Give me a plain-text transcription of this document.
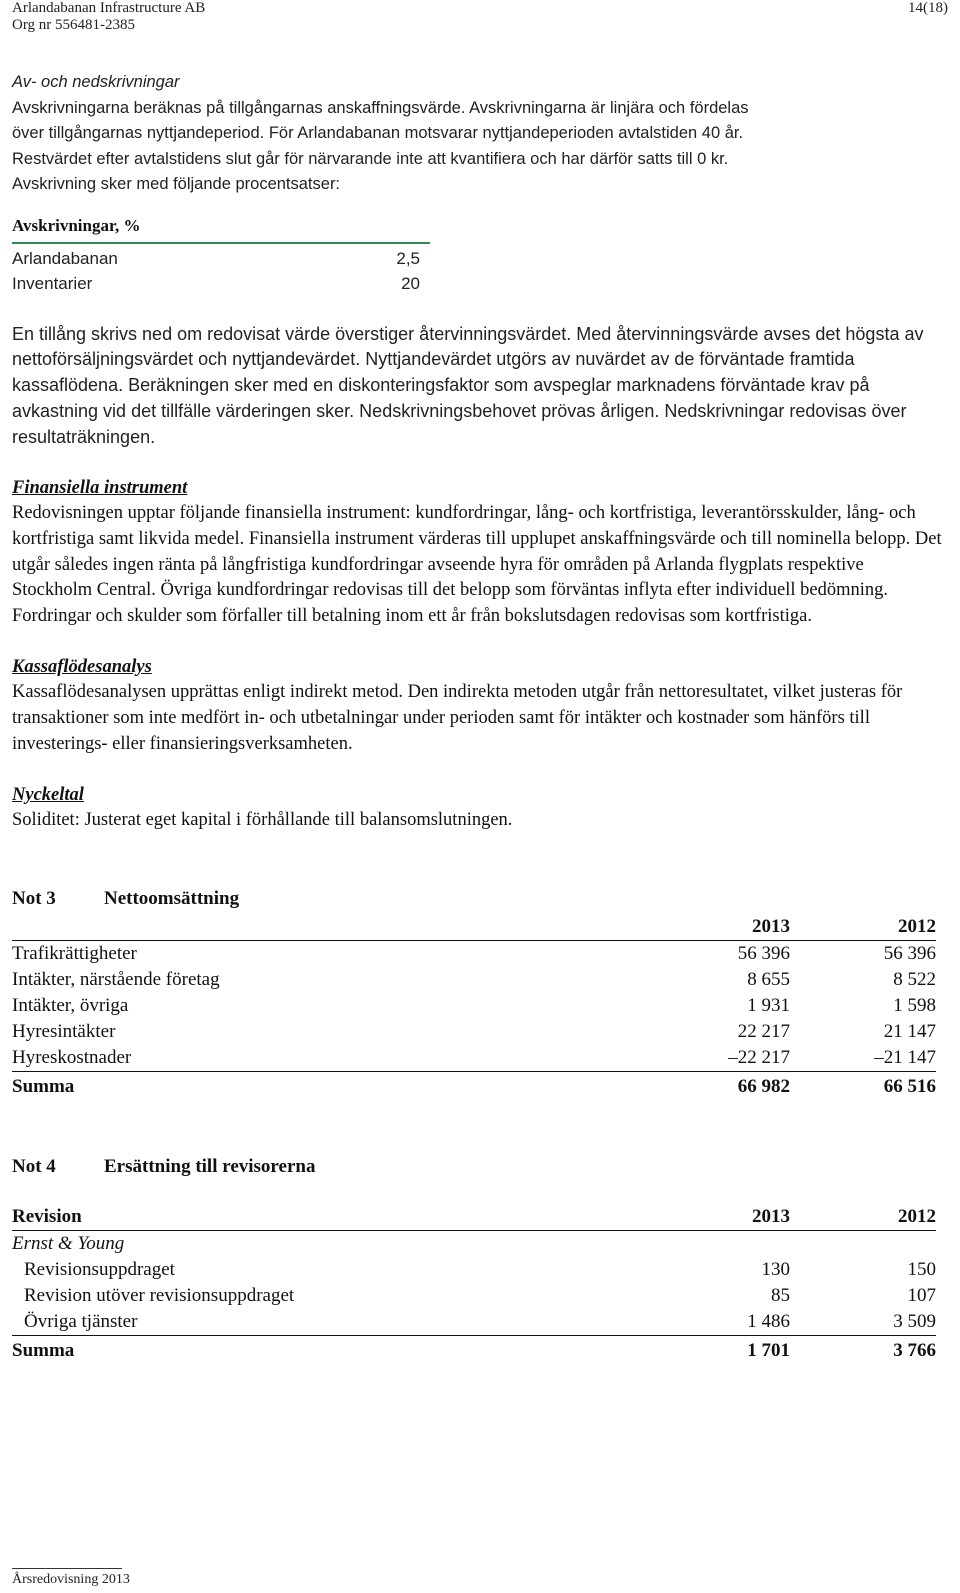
Arlandabanan Infrastructure AB
Org nr 556481-2385
14(18)
Av- och nedskrivningar
Avskrivningarna beräknas på tillgångarnas anskaffningsvärde. Avskrivningarna är linjära och fördelas
över tillgångarnas nyttjandeperiod. För Arlandabanan motsvarar nyttjandeperioden avtalstiden 40 år.
Restvärdet efter avtalstidens slut går för närvarande inte att kvantifiera och har därför satts till 0 kr.
Avskrivning sker med följande procentsatser:
Avskrivningar, %
Arlandabanan	2,5
Inventarier	20

En tillång skrivs ned om redovisat värde överstiger återvinningsvärdet. Med återvinningsvärde avses det högsta av nettoförsäljningsvärdet och nyttjandevärdet. Nyttjandevärdet utgörs av nuvärdet av de förväntade framtida kassaflödena. Beräkningen sker med en diskonteringsfaktor som avspeglar marknadens förväntade krav på avkastning vid det tillfälle värderingen sker. Nedskrivningsbehovet prövas årligen. Nedskrivningar redovisas över resultaträkningen.

Finansiella instrument

Redovisningen upptar följande finansiella instrument: kundfordringar, lång- och kortfristiga, leverantörsskulder, lång- och kortfristiga samt likvida medel. Finansiella instrument värderas till upplupet anskaffningsvärde och till nominella belopp. Det utgår således ingen ränta på långfristiga kundfordringar avseende hyra för områden på Arlanda flygplats respektive Stockholm Central. Övriga kundfordringar redovisas till det belopp som förväntas inflyta efter individuell bedömning. Fordringar och skulder som förfaller till betalning inom ett år från bokslutsdagen redovisas som kortfristiga.

Kassaflödesanalys

Kassaflödesanalysen upprättas enligt indirekt metod. Den indirekta metoden utgår från nettoresultatet, vilket justeras för transaktioner som inte medfört in- och utbetalningar under perioden samt för intäkter och kostnader som hänförs till investerings- eller finansieringsverksamheten.

Nyckeltal

Soliditet: Justerat eget kapital i förhållande till balansomslutningen.

Not 3	Nettoomsättning
	2013	2012
Trafikrättigheter	56 396	56 396
Intäkter, närstående företag	8 655	8 522
Intäkter, övriga	1 931	1 598
Hyresintäkter	22 217	21 147
Hyreskostnader	–22 217	–21 147
Summa	66 982	66 516
Not 4	Ersättning till revisorerna
Revision	2013	2012
Ernst & Young		
Revisionsuppdraget	130	150
Revision utöver revisionsuppdraget	85	107
Övriga tjänster	1 486	3 509
Summa	1 701	3 766
Årsredovisning 2013
